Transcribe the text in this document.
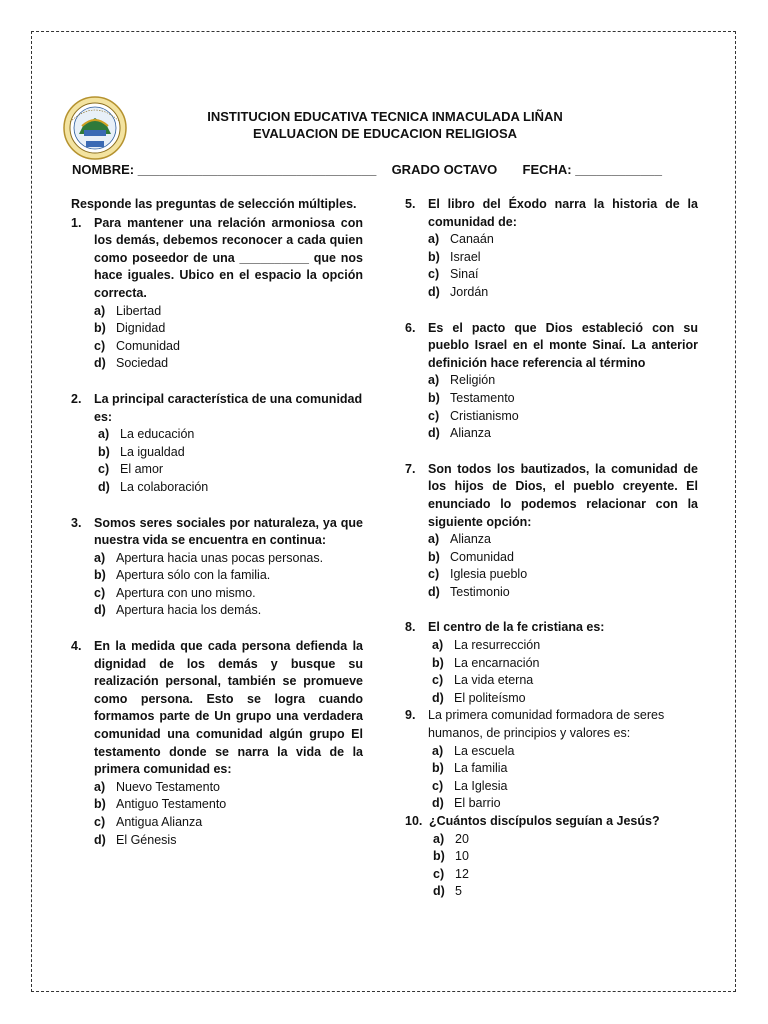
INSTITUCION EDUCATIVA TECNICA INMACULADA LIÑAN
EVALUACION DE EDUCACION RELIGIOSA
NOMBRE: _________________________________ GRADO OCTAVO FECHA: ____________
Responde las preguntas de selección múltiples.
1.	Para mantener una relación armoniosa con los demás, debemos reconocer a cada quien como poseedor de una __________ que nos hace iguales. Ubico en el espacio la opción correcta.
a) Libertad
b) Dignidad
c) Comunidad
d) Sociedad
2.	La principal característica de una comunidad es:
a) La educación
b) La igualdad
c) El amor
d) La colaboración
3.	Somos seres sociales por naturaleza, ya que nuestra vida se encuentra en continua:
a) Apertura hacia unas pocas personas.
b) Apertura sólo con la familia.
c) Apertura con uno mismo.
d) Apertura hacia los demás.
4.	En la medida que cada persona defienda la dignidad de los demás y busque su realización personal, también se promueve como persona. Esto se logra cuando formamos parte de Un grupo una verdadera comunidad una comunidad algún grupo El testamento donde se narra la vida de la primera comunidad es:
a) Nuevo Testamento
b) Antiguo Testamento
c) Antigua Alianza
d) El Génesis
5.	El libro del Éxodo narra la historia de la comunidad de:
a) Canaán
b) Israel
c) Sinaí
d) Jordán
6.	Es el pacto que Dios estableció con su pueblo Israel en el monte Sinaí. La anterior definición hace referencia al término
a) Religión
b) Testamento
c) Cristianismo
d) Alianza
7.	Son todos los bautizados, la comunidad de los hijos de Dios, el pueblo creyente. El enunciado lo podemos relacionar con la siguiente opción:
a) Alianza
b) Comunidad
c) Iglesia pueblo
d) Testimonio
8.	El centro de la fe cristiana es:
a) La resurrección
b) La encarnación
c) La vida eterna
d) El politeísmo
9.	La primera comunidad formadora de seres humanos, de principios y valores es:
a) La escuela
b) La familia
c) La Iglesia
d) El barrio
10. ¿Cuántos discípulos seguían a Jesús?
a) 20
b) 10
c) 12
d) 5
